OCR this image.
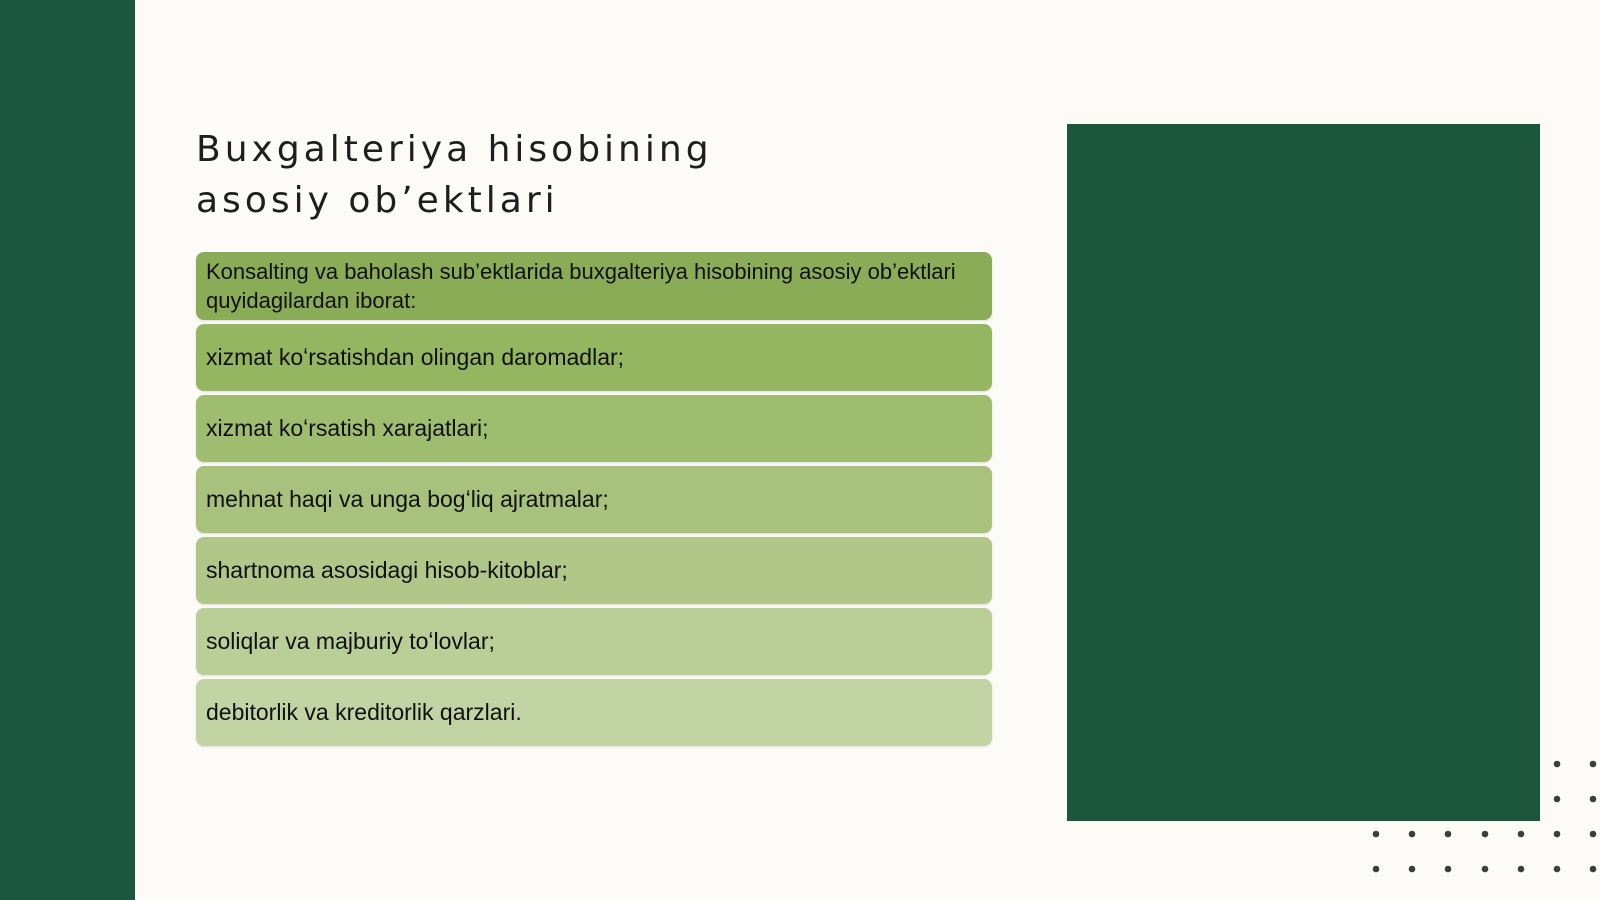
Buxgalteriya hisobining
asosiy ob’ektlari
Konsalting va baholash sub’ektlarida buxgalteriya hisobining asosiy ob’ektlari quyidagilardan iborat:
xizmat koʻrsatishdan olingan daromadlar;
xizmat koʻrsatish xarajatlari;
mehnat haqi va unga bogʻliq ajratmalar;
shartnoma asosidagi hisob-kitoblar;
soliqlar va majburiy toʻlovlar;
debitorlik va kreditorlik qarzlari.
